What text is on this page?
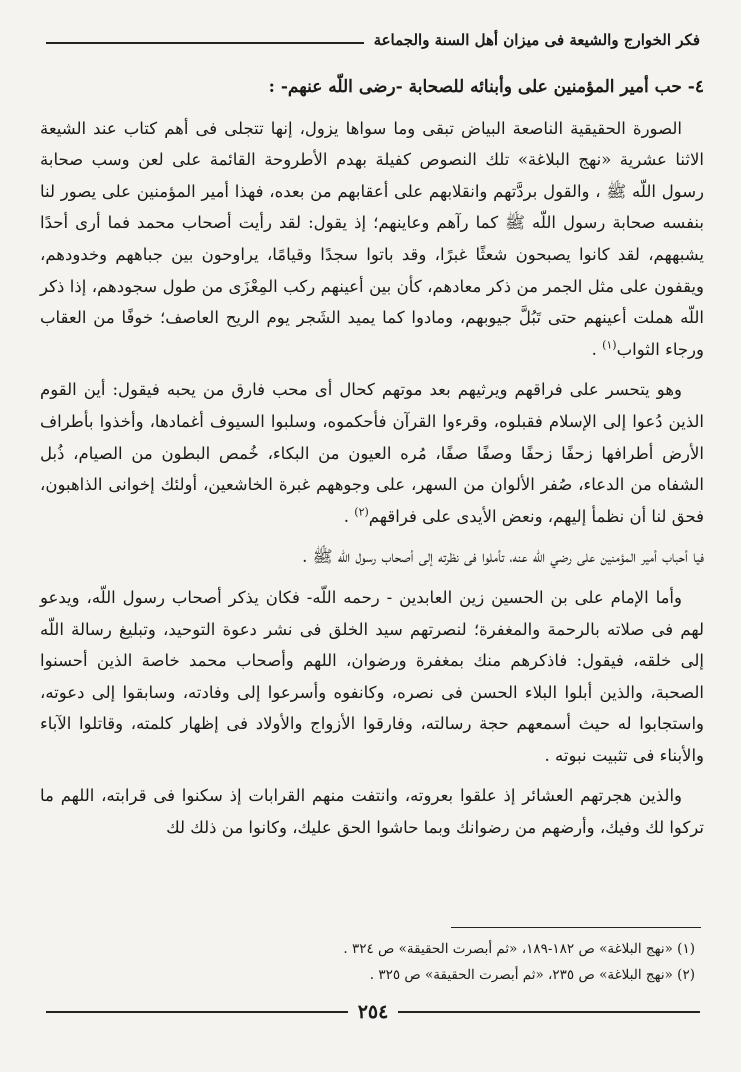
فكر الخوارج والشيعة فى ميزان أهل السنة والجماعة

٤- حب أمير المؤمنين على وأبنائه للصحابة -رضى اللّه عنهم- :

الصورة الحقيقية الناصعة البياض تبقى وما سواها يزول، إنها تتجلى فى أهم كتاب عند الشيعة الاثنا عشرية «نهج البلاغة» تلك النصوص كفيلة بهدم الأطروحة القائمة على لعن وسب صحابة رسول اللّه ﷺ ، والقول بردَّتهم وانقلابهم على أعقابهم من بعده، فهذا أمير المؤمنين على يصور لنا بنفسه صحابة رسول اللّه ﷺ كما رآهم وعاينهم؛ إذ يقول: لقد رأيت أصحاب محمد فما أرى أحدًا يشبههم، لقد كانوا يصبحون شعثًا غبرًا، وقد باتوا سجدًا وقيامًا، يراوحون بين جباههم وخدودهم، ويقفون على مثل الجمر من ذكر معادهم، كأن بين أعينهم ركب المِعْزَى من طول سجودهم، إذا ذكر اللّه هملت أعينهم حتى تَبُلَّ جيوبهم، ومادوا كما يميد الشَجر يوم الريح العاصف؛ خوفًا من العقاب ورجاء الثواب$^{(١)}$ .

وهو يتحسر على فراقهم ويرثيهم بعد موتهم كحال أى محب فارق من يحبه فيقول: أين القوم الذين دُعوا إلى الإسلام فقبلوه، وقرءوا القرآن فأحكموه، وسلبوا السيوف أغمادها، وأخذوا بأطراف الأرض أطرافها زحفًا زحفًا وصفًا صفًا، مُره العيون من البكاء، خُمص البطون من الصيام، ذُبل الشفاه من الدعاء، صُفر الألوان من السهر، على وجوههم غبرة الخاشعين، أولئك إخوانى الذاهبون، فحق لنا أن نظمأ إليهم، ونعض الأيدى على فراقهم$^{(٢)}$ .

فيا أحباب أمير المؤمنين على رضي الله عنه، تأملوا فى نظرته إلى أصحاب رسول اللّه ﷺ .

وأما الإمام على بن الحسين زين العابدين - رحمه اللّه- فكان يذكر أصحاب رسول اللّه، ويدعو لهم فى صلاته بالرحمة والمغفرة؛ لنصرتهم سيد الخلق فى نشر دعوة التوحيد، وتبليغ رسالة اللّه إلى خلقه، فيقول: فاذكرهم منك بمغفرة ورضوان، اللهم وأصحاب محمد خاصة الذين أحسنوا الصحبة، والذين أبلوا البلاء الحسن فى نصره، وكانفوه وأسرعوا إلى وفادته، وسابقوا إلى دعوته، واستجابوا له حيث أسمعهم حجة رسالته، وفارقوا الأزواج والأولاد فى إظهار كلمته، وقاتلوا الآباء والأبناء فى تثبيت نبوته .

والذين هجرتهم العشائر إذ علقوا بعروته، وانتفت منهم القرابات إذ سكنوا فى قرابته، اللهم ما تركوا لك وفيك، وأرضهم من رضوانك وبما حاشوا الحق عليك، وكانوا من ذلك لك

(١) «نهج البلاغة» ص ١٨٢-١٨٩، «ثم أبصرت الحقيقة» ص ٣٢٤ .
(٢) «نهج البلاغة» ص ٢٣٥، «ثم أبصرت الحقيقة» ص ٣٢٥ .
٢٥٤
